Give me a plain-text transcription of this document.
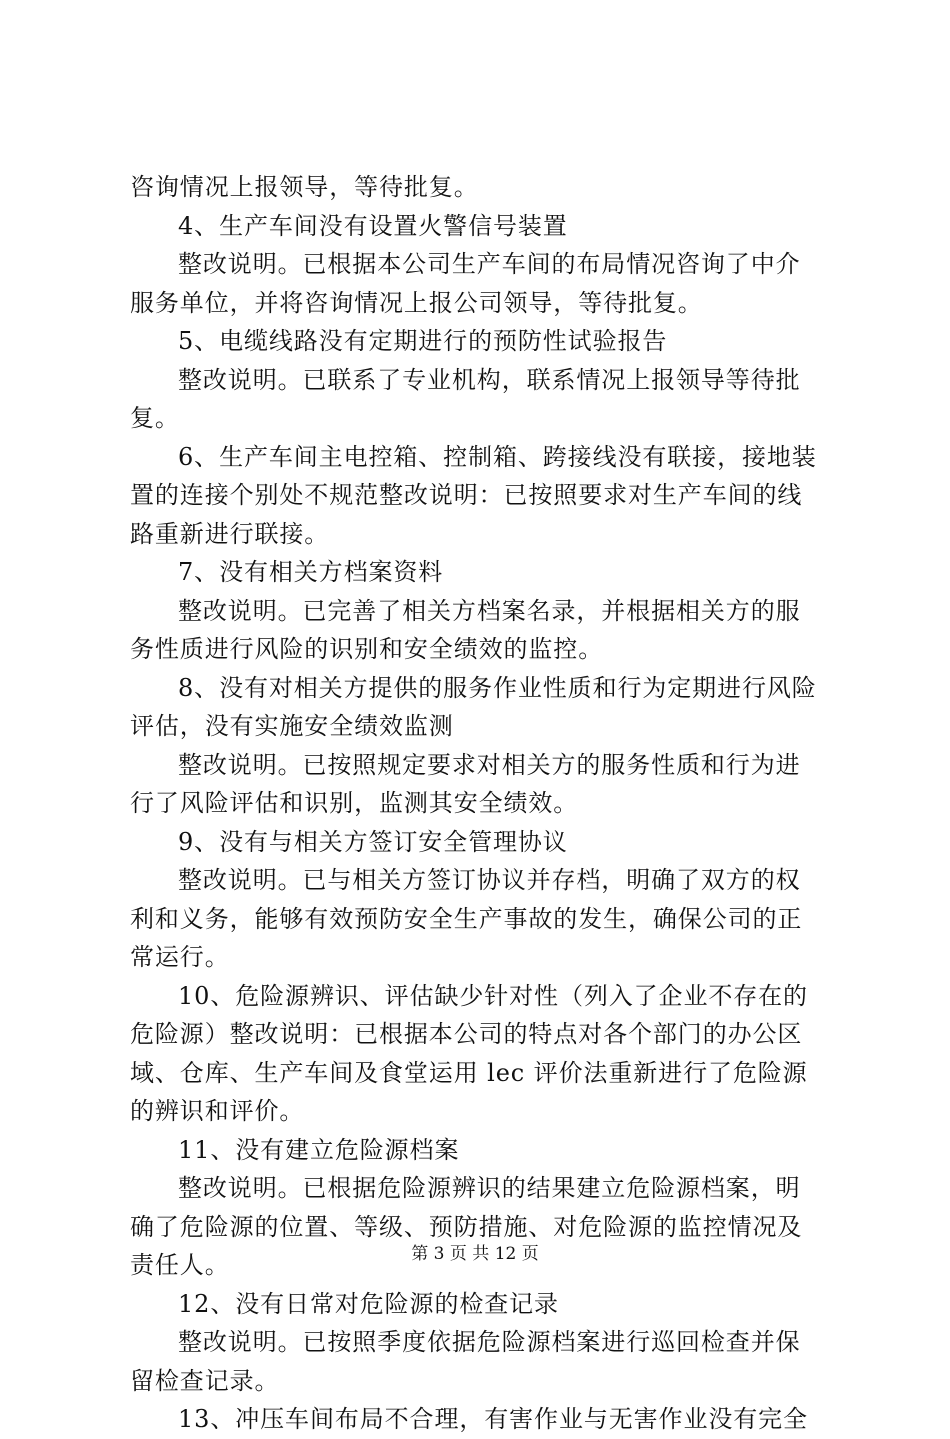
咨询情况上报领导，等待批复。
4、生产车间没有设置火警信号装置
整改说明。已根据本公司生产车间的布局情况咨询了中介
服务单位，并将咨询情况上报公司领导，等待批复。
5、电缆线路没有定期进行的预防性试验报告
整改说明。已联系了专业机构，联系情况上报领导等待批
复。
6、生产车间主电控箱、控制箱、跨接线没有联接，接地装
置的连接个别处不规范整改说明：已按照要求对生产车间的线
路重新进行联接。
7、没有相关方档案资料
整改说明。已完善了相关方档案名录，并根据相关方的服
务性质进行风险的识别和安全绩效的监控。
8、没有对相关方提供的服务作业性质和行为定期进行风险
评估，没有实施安全绩效监测
整改说明。已按照规定要求对相关方的服务性质和行为进
行了风险评估和识别，监测其安全绩效。
9、没有与相关方签订安全管理协议
整改说明。已与相关方签订协议并存档，明确了双方的权
利和义务，能够有效预防安全生产事故的发生，确保公司的正
常运行。
10、危险源辨识、评估缺少针对性（列入了企业不存在的
危险源）整改说明：已根据本公司的特点对各个部门的办公区
域、仓库、生产车间及食堂运用 lec 评价法重新进行了危险源
的辨识和评价。
11、没有建立危险源档案
整改说明。已根据危险源辨识的结果建立危险源档案，明
确了危险源的位置、等级、预防措施、对危险源的监控情况及
责任人。
12、没有日常对危险源的检查记录
整改说明。已按照季度依据危险源档案进行巡回检查并保
留检查记录。
13、冲压车间布局不合理，有害作业与无害作业没有完全
第 3 页 共 12 页
